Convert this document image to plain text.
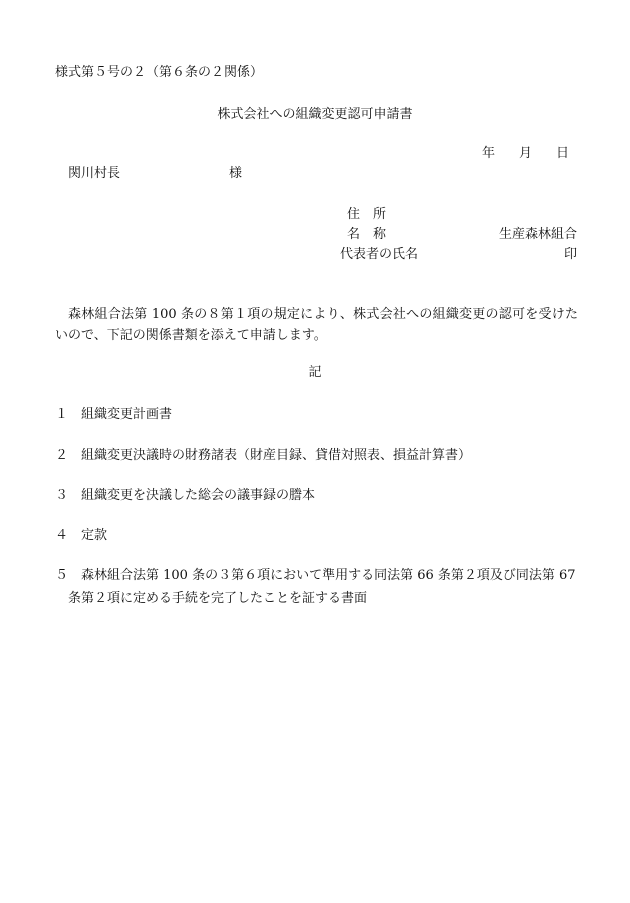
様式第５号の２（第６条の２関係）
株式会社への組織変更認可申請書
年 月 日
関川村長	様
住　所
名　称	生産森林組合
代表者の氏名	印
森林組合法第 100 条の８第１項の規定により、株式会社への組織変更の認可を受けたいので、下記の関係書類を添えて申請します。
記
１ 組織変更計画書
２ 組織変更決議時の財務諸表（財産目録、貸借対照表、損益計算書）
３ 組織変更を決議した総会の議事録の謄本
４ 定款
５ 森林組合法第 100 条の３第６項において準用する同法第 66 条第２項及び同法第 67
条第２項に定める手続を完了したことを証する書面
